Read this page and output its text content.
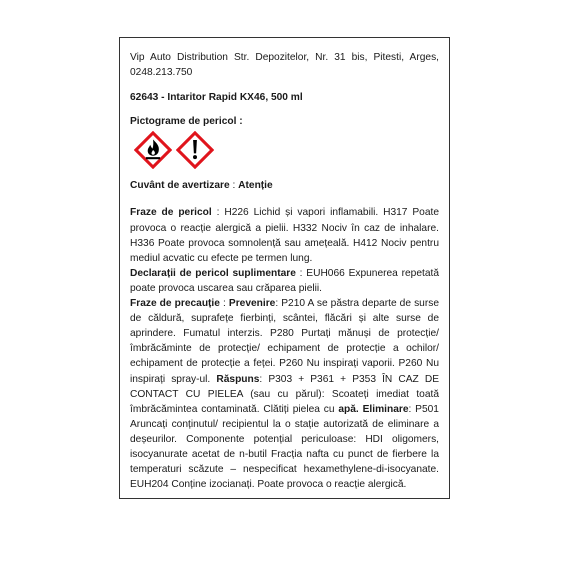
Vip Auto Distribution Str. Depozitelor, Nr. 31 bis, Pitesti, Arges, 0248.213.750

62643 - Intaritor Rapid KX46, 500 ml

Pictograme de pericol :

Cuvânt de avertizare : Atenție

Fraze de pericol : H226 Lichid și vapori inflamabili. H317 Poate provoca o reacție alergică a pielii. H332 Nociv în caz de inhalare. H336 Poate provoca somnolență sau amețeală. H412 Nociv pentru mediul acvatic cu efecte pe termen lung.

Declarații de pericol suplimentare : EUH066 Expunerea repetată poate provoca uscarea sau crăparea pielii.

Fraze de precauție : Prevenire: P210 A se păstra departe de surse de căldură, suprafețe fierbinți, scântei, flăcări și alte surse de aprindere. Fumatul interzis. P280 Purtați mănuși de protecție/ îmbrăcăminte de protecție/ echipament de protecție a ochilor/ echipament de protecție a feței. P260 Nu inspirați vaporii. P260 Nu inspirați spray-ul. Răspuns: P303 + P361 + P353 ÎN CAZ DE CONTACT CU PIELEA (sau cu părul): Scoateți imediat toată îmbrăcămintea contaminată. Clătiți pielea cu apă. Eliminare: P501 Aruncați conținutul/ recipientul la o stație autorizată de eliminare a deșeurilor. Componente potențial periculoase: HDI oligomers, isocyanurate acetat de n-butil Fracția nafta cu punct de fierbere la temperaturi scăzute – nespecificat hexamethylene-di-isocyanate. EUH204 Conține izocianați. Poate provoca o reacție alergică.
